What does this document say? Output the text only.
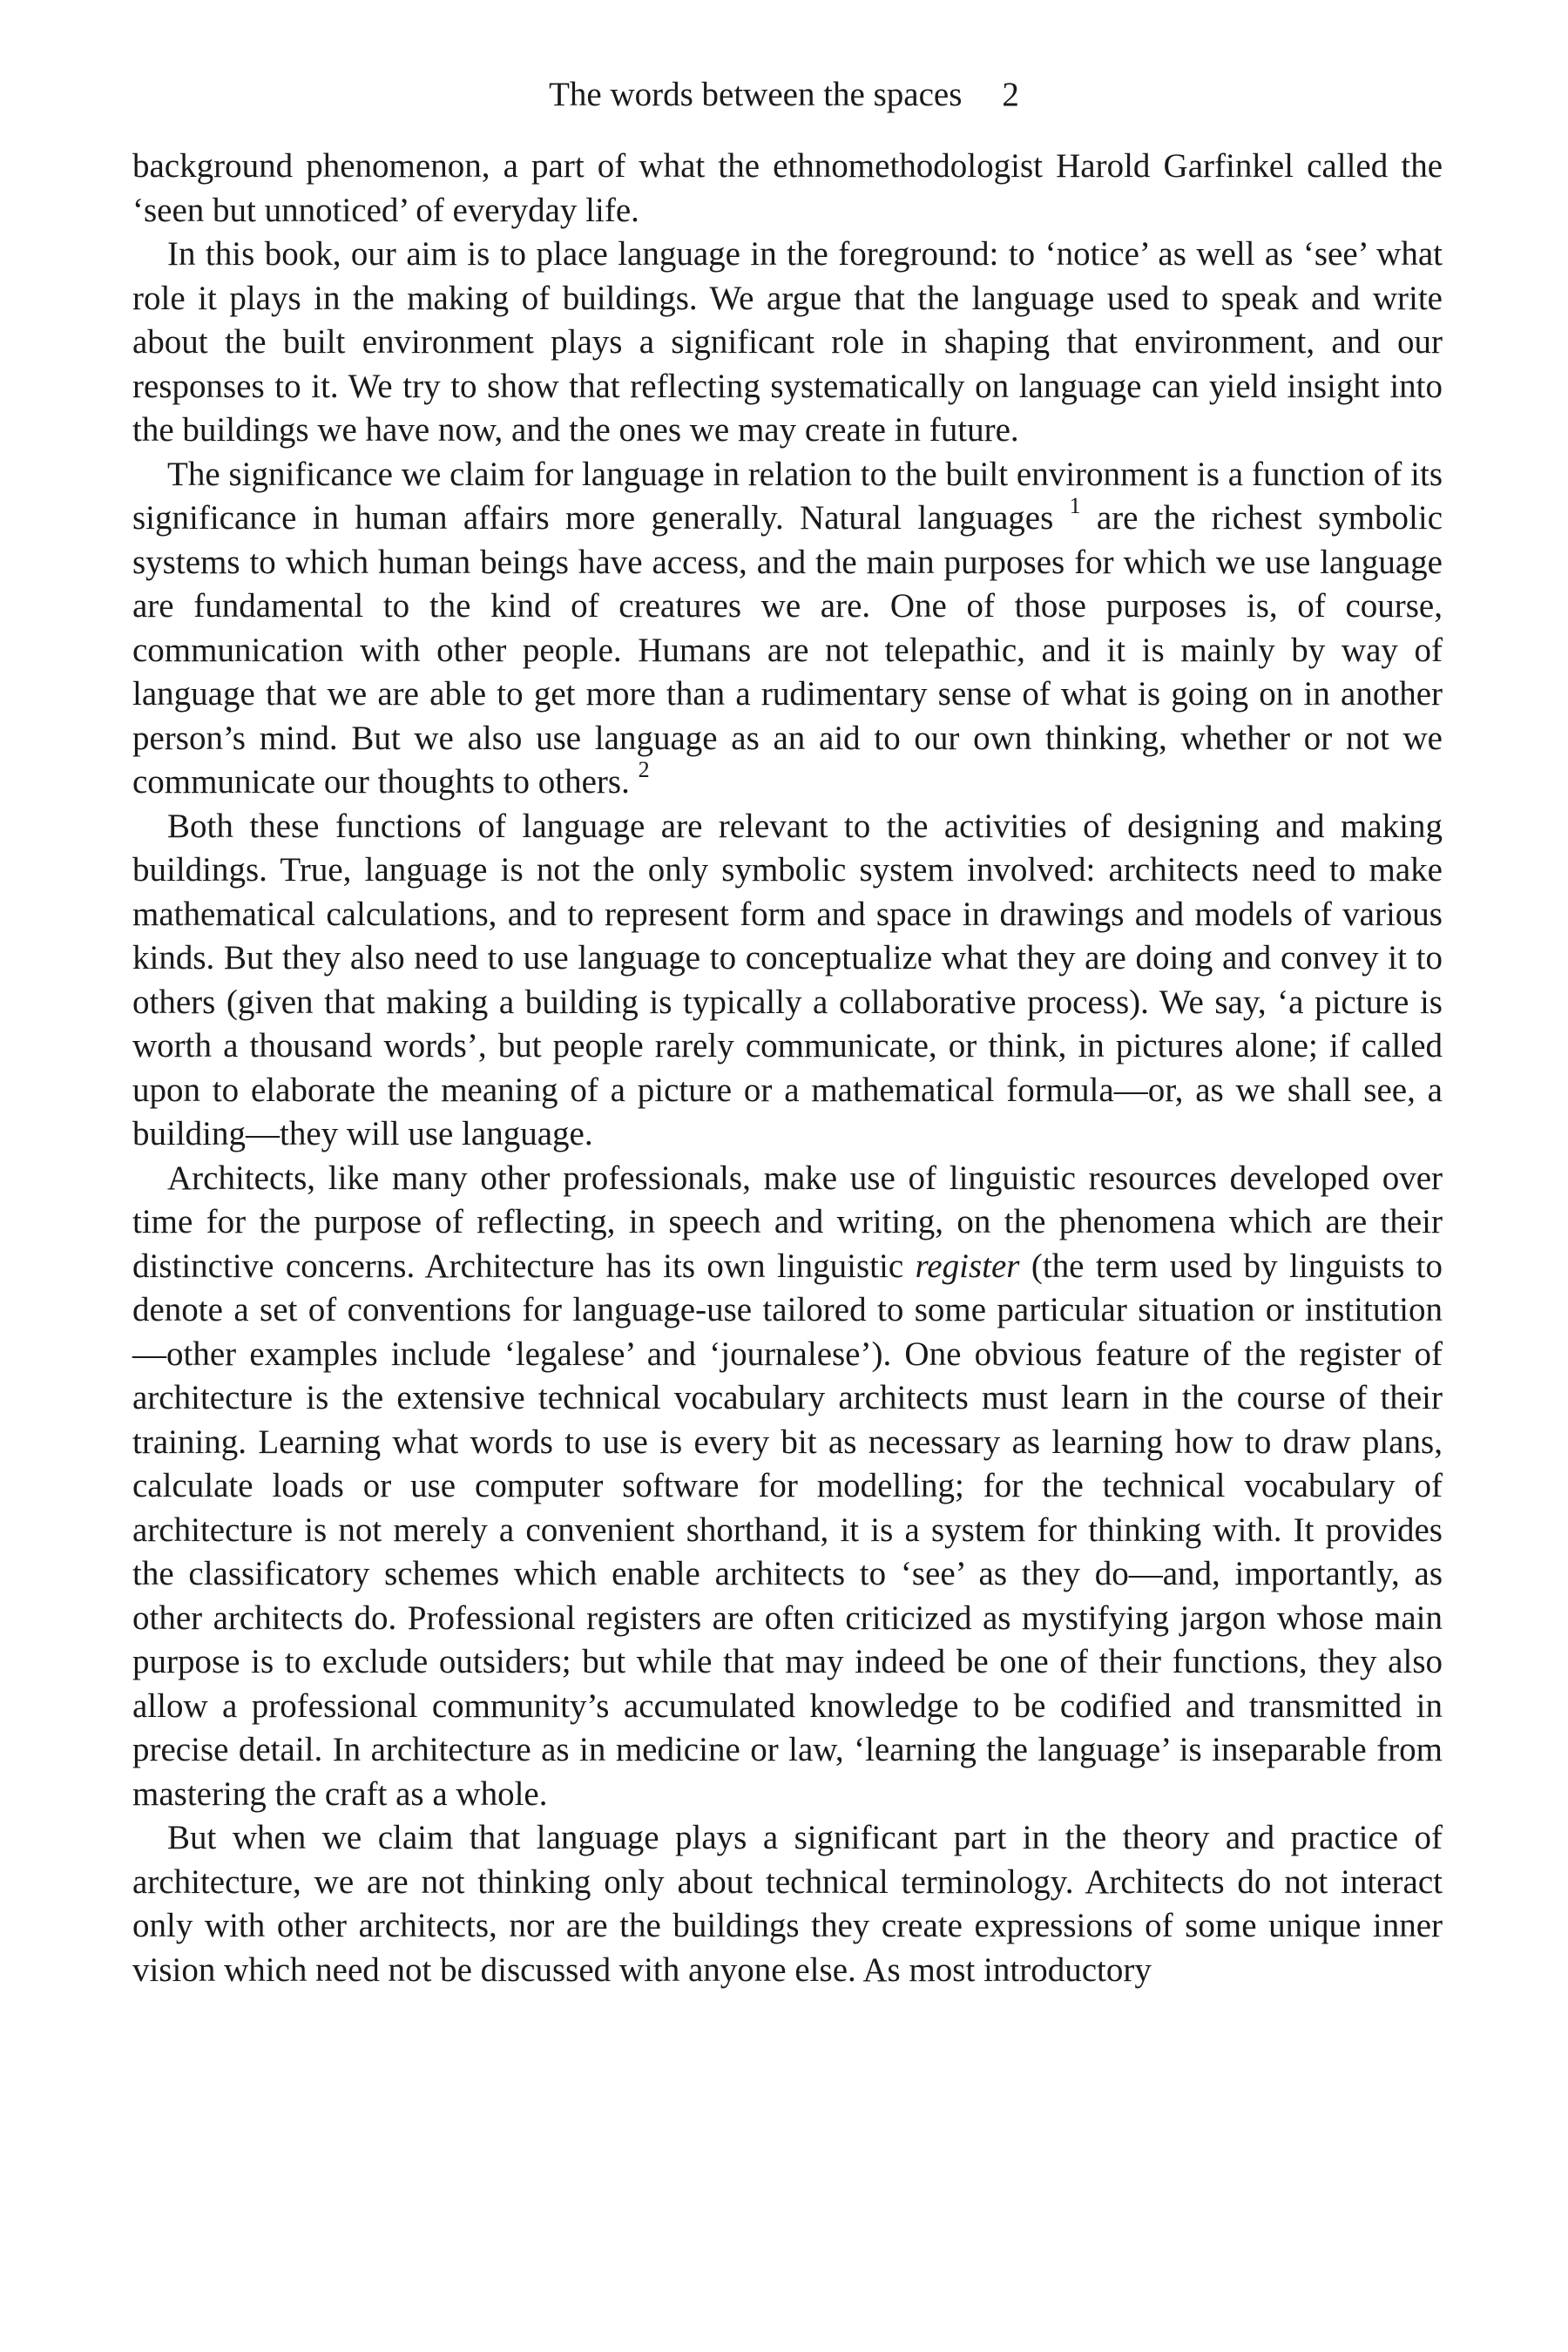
The words between the spaces 2

background phenomenon, a part of what the ethnomethodologist Harold Garfinkel called the ‘seen but unnoticed’ of everyday life.

In this book, our aim is to place language in the foreground: to ‘notice’ as well as ‘see’ what role it plays in the making of buildings. We argue that the language used to speak and write about the built environment plays a significant role in shaping that environment, and our responses to it. We try to show that reflecting systematically on language can yield insight into the buildings we have now, and the ones we may create in future.

The significance we claim for language in relation to the built environment is a function of its significance in human affairs more generally. Natural languages $^1$ are the richest symbolic systems to which human beings have access, and the main purposes for which we use language are fundamental to the kind of creatures we are. One of those purposes is, of course, communication with other people. Humans are not telepathic, and it is mainly by way of language that we are able to get more than a rudimentary sense of what is going on in another person’s mind. But we also use language as an aid to our own thinking, whether or not we communicate our thoughts to others. $^2$

Both these functions of language are relevant to the activities of designing and making buildings. True, language is not the only symbolic system involved: architects need to make mathematical calculations, and to represent form and space in drawings and models of various kinds. But they also need to use language to conceptualize what they are doing and convey it to others (given that making a building is typically a collaborative process). We say, ‘a picture is worth a thousand words’, but people rarely communicate, or think, in pictures alone; if called upon to elaborate the meaning of a picture or a mathematical formula—or, as we shall see, a building—they will use language.

Architects, like many other professionals, make use of linguistic resources developed over time for the purpose of reflecting, in speech and writing, on the phenomena which are their distinctive concerns. Architecture has its own linguistic register (the term used by linguists to denote a set of conventions for language-use tailored to some particular situation or institution—other examples include ‘legalese’ and ‘journalese’). One obvious feature of the register of architecture is the extensive technical vocabulary architects must learn in the course of their training. Learning what words to use is every bit as necessary as learning how to draw plans, calculate loads or use computer software for modelling; for the technical vocabulary of architecture is not merely a convenient shorthand, it is a system for thinking with. It provides the classificatory schemes which enable architects to ‘see’ as they do—and, importantly, as other architects do. Professional registers are often criticized as mystifying jargon whose main purpose is to exclude outsiders; but while that may indeed be one of their functions, they also allow a professional community’s accumulated knowledge to be codified and transmitted in precise detail. In architecture as in medicine or law, ‘learning the language’ is inseparable from mastering the craft as a whole.

But when we claim that language plays a significant part in the theory and practice of architecture, we are not thinking only about technical terminology. Architects do not interact only with other architects, nor are the buildings they create expressions of some unique inner vision which need not be discussed with anyone else. As most introductory
